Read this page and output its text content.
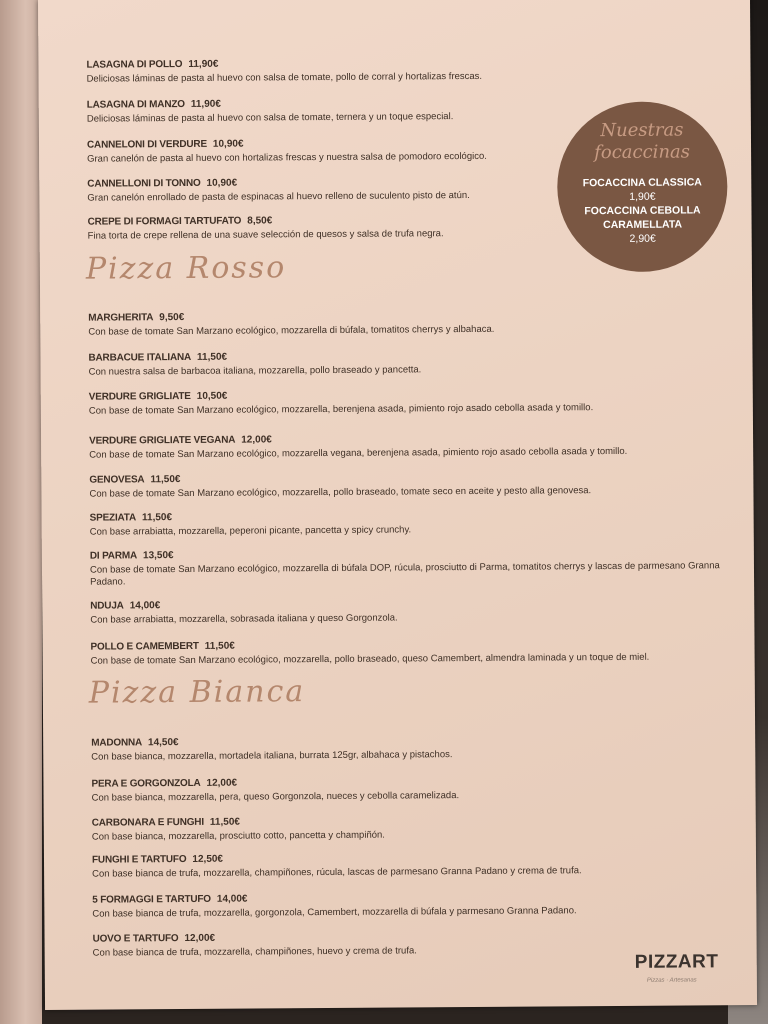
LASAGNA DI POLLO 11,90€
Deliciosas láminas de pasta al huevo con salsa de tomate, pollo de corral y hortalizas frescas.
LASAGNA DI MANZO 11,90€
Deliciosas láminas de pasta al huevo con salsa de tomate, ternera y un toque especial.
CANNELONI DI VERDURE 10,90€
Gran canelón de pasta al huevo con hortalizas frescas y nuestra salsa de pomodoro ecológico.
CANNELLONI DI TONNO 10,90€
Gran canelón enrollado de pasta de espinacas al huevo relleno de suculento pisto de atún.
CREPE DI FORMAGI TARTUFATO 8,50€
Fina torta de crepe rellena de una suave selección de quesos y salsa de trufa negra.
Nuestras focaccinas
FOCACCINA CLASSICA
1,90€
FOCACCINA CEBOLLA
CARAMELLATA
2,90€
Pizza Rosso
MARGHERITA 9,50€
Con base de tomate San Marzano ecológico, mozzarella di búfala, tomatitos cherrys y albahaca.
BARBACUE ITALIANA 11,50€
Con nuestra salsa de barbacoa italiana, mozzarella, pollo braseado y pancetta.
VERDURE GRIGLIATE 10,50€
Con base de tomate San Marzano ecológico, mozzarella, berenjena asada, pimiento rojo asado cebolla asada y tomillo.
VERDURE GRIGLIATE VEGANA 12,00€
Con base de tomate San Marzano ecológico, mozzarella vegana, berenjena asada, pimiento rojo asado cebolla asada y tomillo.
GENOVESA 11,50€
Con base de tomate San Marzano ecológico, mozzarella, pollo braseado, tomate seco en aceite y pesto alla genovesa.
SPEZIATA 11,50€
Con base arrabiatta, mozzarella, peperoni picante, pancetta y spicy crunchy.
DI PARMA 13,50€
Con base de tomate San Marzano ecológico, mozzarella di búfala DOP, rúcula, prosciutto di Parma, tomatitos cherrys y lascas de parmesano Granna Padano.
NDUJA 14,00€
Con base arrabiatta, mozzarella, sobrasada italiana y queso Gorgonzola.
POLLO E CAMEMBERT 11,50€
Con base de tomate San Marzano ecológico, mozzarella, pollo braseado, queso Camembert, almendra laminada y un toque de miel.
Pizza Bianca
MADONNA 14,50€
Con base bianca, mozzarella, mortadela italiana, burrata 125gr, albahaca y pistachos.
PERA E GORGONZOLA 12,00€
Con base bianca, mozzarella, pera, queso Gorgonzola, nueces y cebolla caramelizada.
CARBONARA E FUNGHI 11,50€
Con base bianca, mozzarella, prosciutto cotto, pancetta y champiñón.
FUNGHI E TARTUFO 12,50€
Con base bianca de trufa, mozzarella, champiñones, rúcula, lascas de parmesano Granna Padano y crema de trufa.
5 FORMAGGI E TARTUFO 14,00€
Con base bianca de trufa, mozzarella, gorgonzola, Camembert, mozzarella di búfala y parmesano Granna Padano.
UOVO E TARTUFO 12,00€
Con base bianca de trufa, mozzarella, champiñones, huevo y crema de trufa.	PIZZART
Pizzas · Artesanas
